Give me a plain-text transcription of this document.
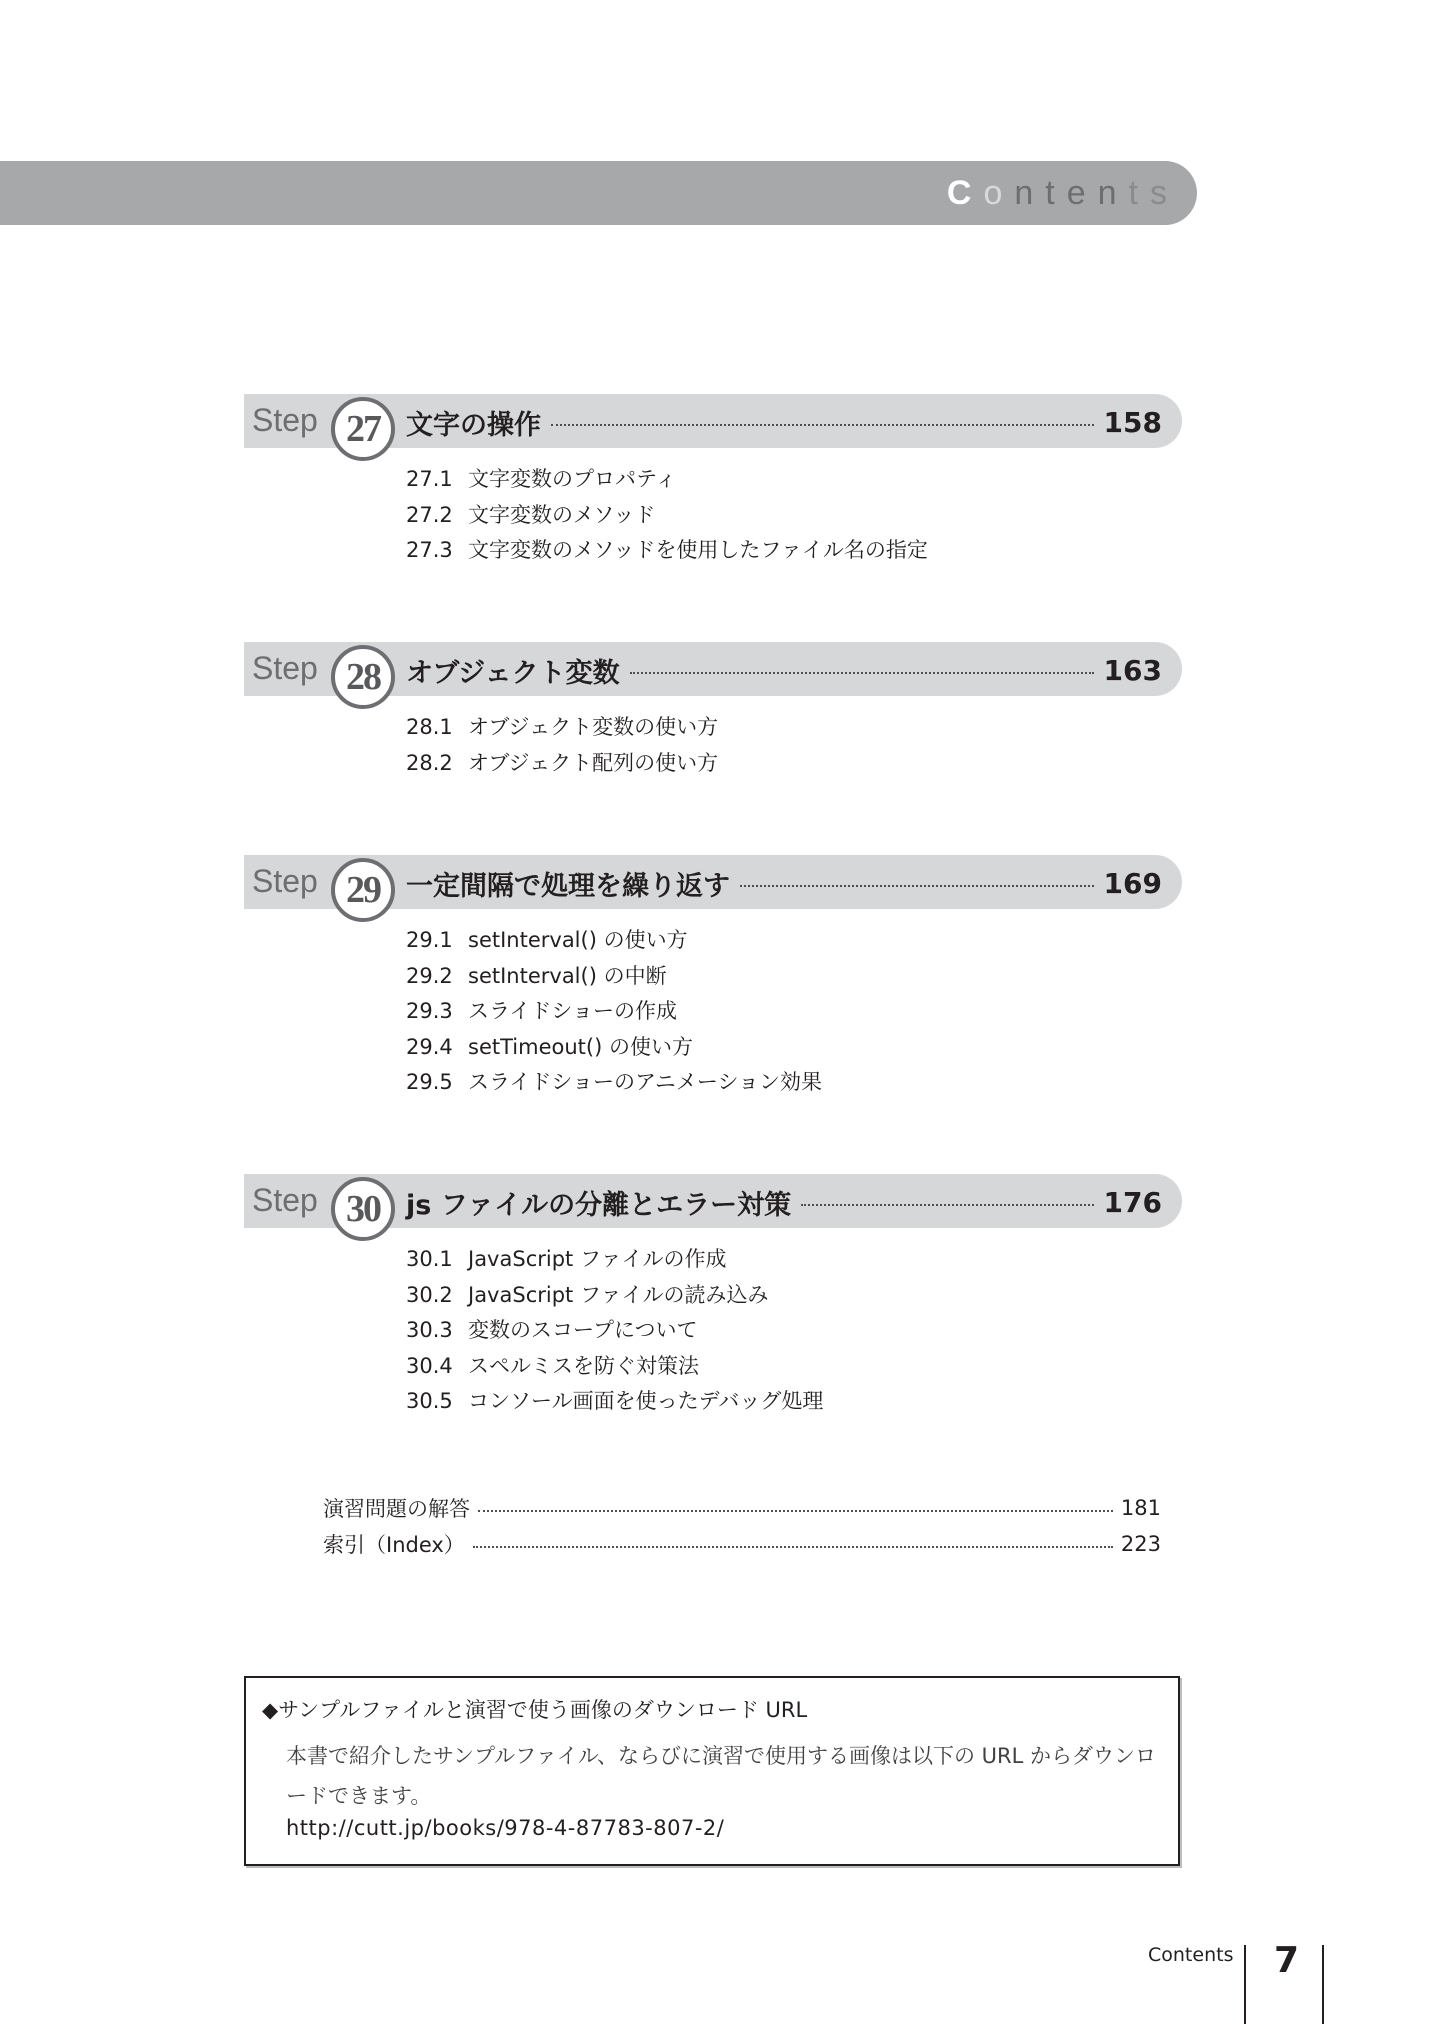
Contents
Step 27 文字の操作	158
27.1 文字変数のプロパティ
27.2 文字変数のメソッド
27.3 文字変数のメソッドを使用したファイル名の指定
Step 28 オブジェクト変数	163
28.1 オブジェクト変数の使い方
28.2 オブジェクト配列の使い方
Step 29 一定間隔で処理を繰り返す	169
29.1 setInterval() の使い方
29.2 setInterval() の中断
29.3 スライドショーの作成
29.4 setTimeout() の使い方
29.5 スライドショーのアニメーション効果
Step 30 js ファイルの分離とエラー対策	176
30.1 JavaScript ファイルの作成
30.2 JavaScript ファイルの読み込み
30.3 変数のスコープについて
30.4 スペルミスを防ぐ対策法
30.5 コンソール画面を使ったデバッグ処理
演習問題の解答	181
索引（Index）	223
◆サンプルファイルと演習で使う画像のダウンロード URL
本書で紹介したサンプルファイル、ならびに演習で使用する画像は以下の URL からダウンロードできます。
http://cutt.jp/books/978-4-87783-807-2/
Contents 7
